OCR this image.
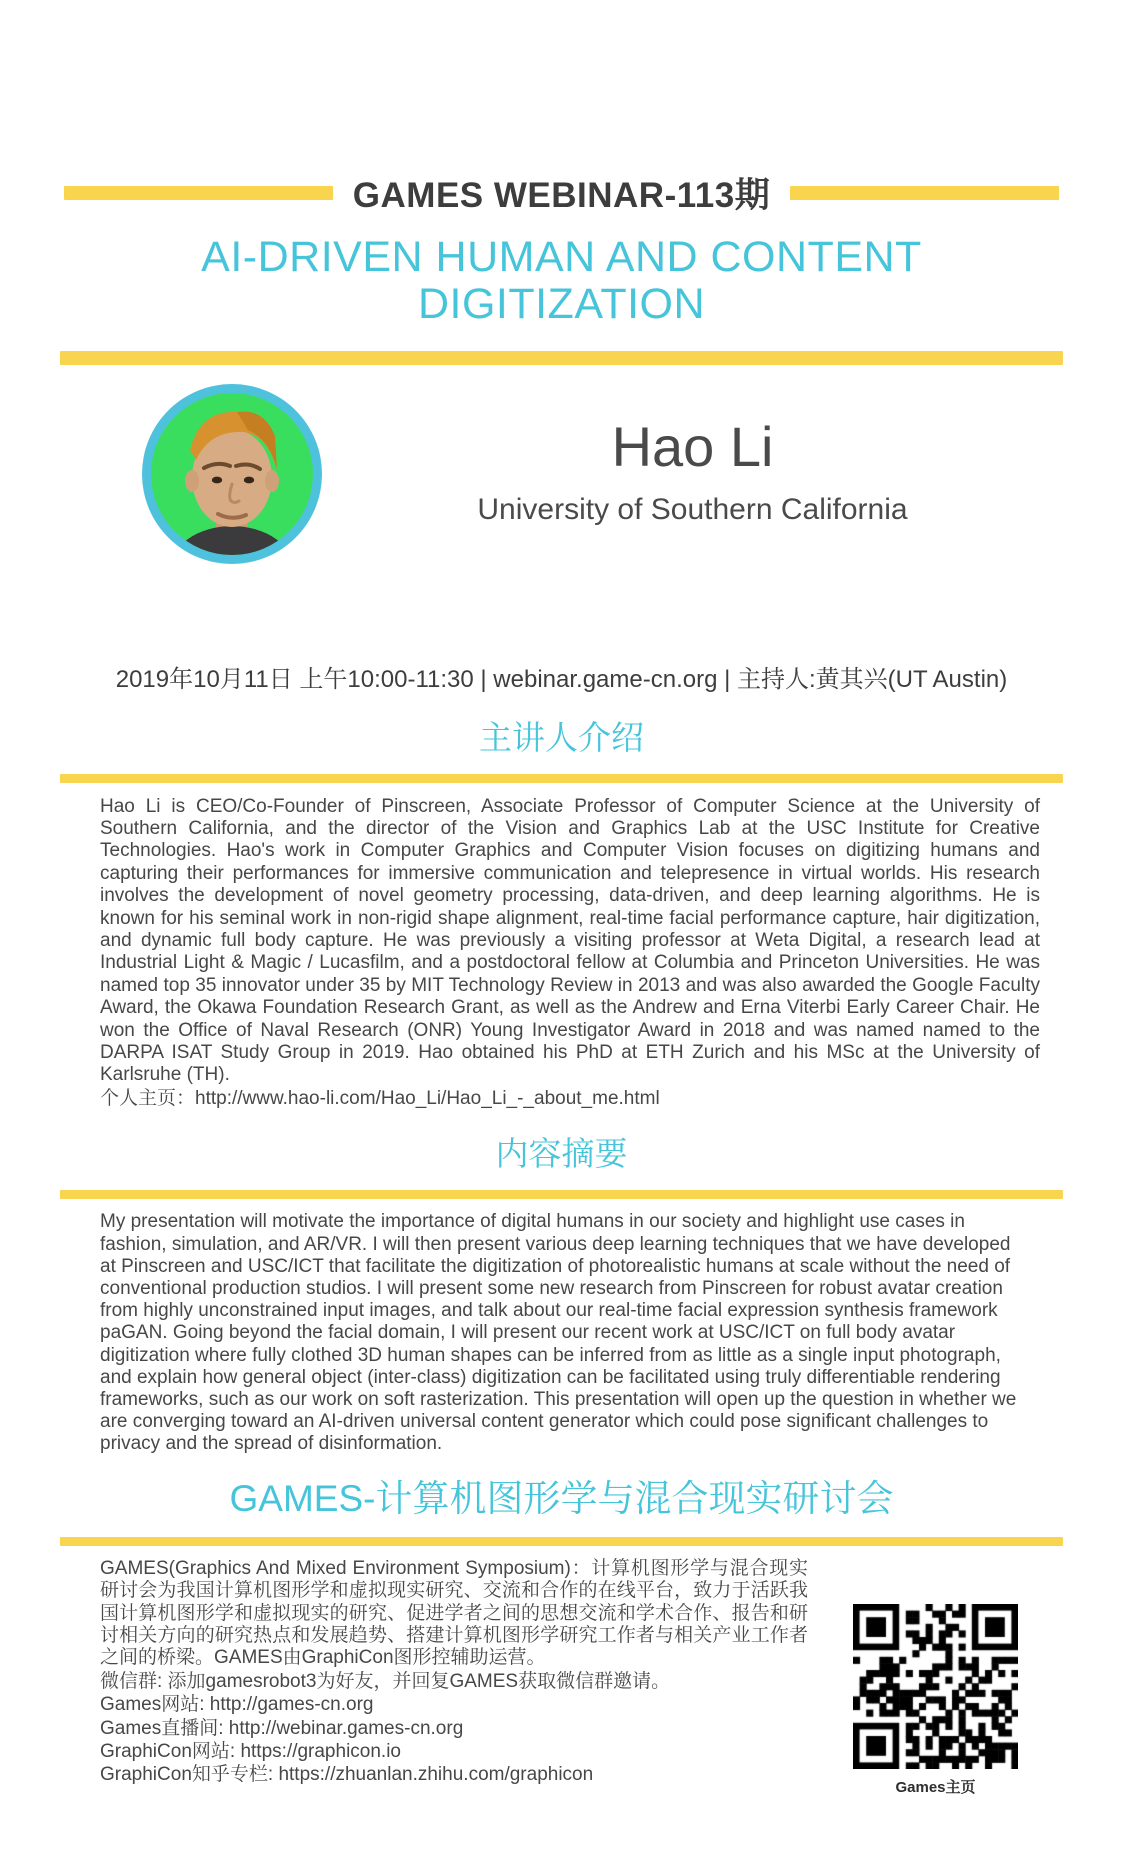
GAMES WEBINAR-113期
AI-DRIVEN HUMAN AND CONTENT DIGITIZATION
Hao Li
University of Southern California
2019年10月11日 上午10:00-11:30 | webinar.game-cn.org | 主持人:黄其兴(UT Austin)
主讲人介绍
Hao Li is CEO/Co-Founder of Pinscreen, Associate Professor of Computer Science at the University of Southern California, and the director of the Vision and Graphics Lab at the USC Institute for Creative Technologies. Hao's work in Computer Graphics and Computer Vision focuses on digitizing humans and capturing their performances for immersive communication and telepresence in virtual worlds. His research involves the development of novel geometry processing, data-driven, and deep learning algorithms. He is known for his seminal work in non-rigid shape alignment, real-time facial performance capture, hair digitization, and dynamic full body capture. He was previously a visiting professor at Weta Digital, a research lead at Industrial Light & Magic / Lucasfilm, and a postdoctoral fellow at Columbia and Princeton Universities. He was named top 35 innovator under 35 by MIT Technology Review in 2013 and was also awarded the Google Faculty Award, the Okawa Foundation Research Grant, as well as the Andrew and Erna Viterbi Early Career Chair. He won the Office of Naval Research (ONR) Young Investigator Award in 2018 and was named named to the DARPA ISAT Study Group in 2019. Hao obtained his PhD at ETH Zurich and his MSc at the University of Karlsruhe (TH).
个人主页：http://www.hao-li.com/Hao_Li/Hao_Li_-_about_me.html
内容摘要
My presentation will motivate the importance of digital humans in our society and highlight use cases in fashion, simulation, and AR/VR. I will then present various deep learning techniques that we have developed at Pinscreen and USC/ICT that facilitate the digitization of photorealistic humans at scale without the need of conventional production studios. I will present some new research from Pinscreen for robust avatar creation from highly unconstrained input images, and talk about our real-time facial expression synthesis framework paGAN. Going beyond the facial domain, I will present our recent work at USC/ICT on full body avatar digitization where fully clothed 3D human shapes can be inferred from as little as a single input photograph, and explain how general object (inter-class) digitization can be facilitated using truly differentiable rendering frameworks, such as our work on soft rasterization. This presentation will open up the question in whether we are converging toward an AI-driven universal content generator which could pose significant challenges to privacy and the spread of disinformation.
GAMES-计算机图形学与混合现实研讨会
GAMES(Graphics And Mixed Environment Symposium)：计算机图形学与混合现实研讨会为我国计算机图形学和虚拟现实研究、交流和合作的在线平台，致力于活跃我国计算机图形学和虚拟现实的研究、促进学者之间的思想交流和学术合作、报告和研讨相关方向的研究热点和发展趋势、搭建计算机图形学研究工作者与相关产业工作者之间的桥梁。GAMES由GraphiCon图形控辅助运营。
微信群: 添加gamesrobot3为好友，并回复GAMES获取微信群邀请。
Games网站: http://games-cn.org
Games直播间: http://webinar.games-cn.org
GraphiCon网站: https://graphicon.io
GraphiCon知乎专栏: https://zhuanlan.zhihu.com/graphicon
Games主页
